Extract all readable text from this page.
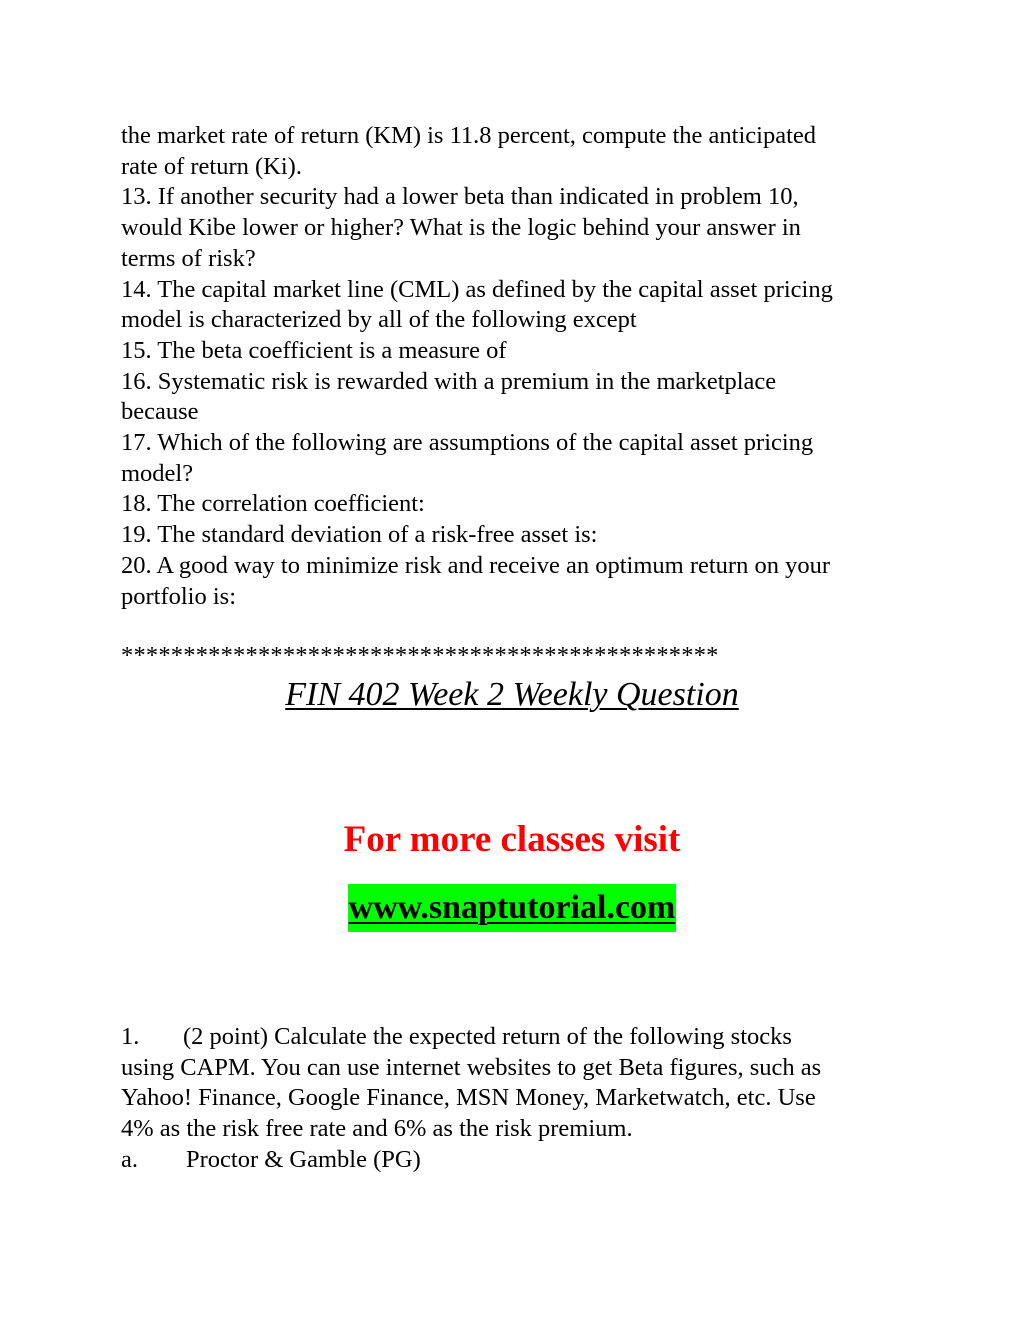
the market rate of return (KM) is 11.8 percent, compute the anticipated
rate of return (Ki).
13. If another security had a lower beta than indicated in problem 10,
would Kibe lower or higher? What is the logic behind your answer in
terms of risk?
14. The capital market line (CML) as defined by the capital asset pricing
model is characterized by all of the following except
15. The beta coefficient is a measure of
16. Systematic risk is rewarded with a premium in the marketplace
because
17. Which of the following are assumptions of the capital asset pricing
model?
18. The correlation coefficient:
19. The standard deviation of a risk-free asset is:
20. A good way to minimize risk and receive an optimum return on your
portfolio is:
************************************************
FIN 402 Week 2 Weekly Question
For more classes visit
www.snaptutorial.com
1. (2 point) Calculate the expected return of the following stocks
using CAPM. You can use internet websites to get Beta figures, such as
Yahoo! Finance, Google Finance, MSN Money, Marketwatch, etc. Use
4% as the risk free rate and 6% as the risk premium.
a. Proctor & Gamble (PG)
